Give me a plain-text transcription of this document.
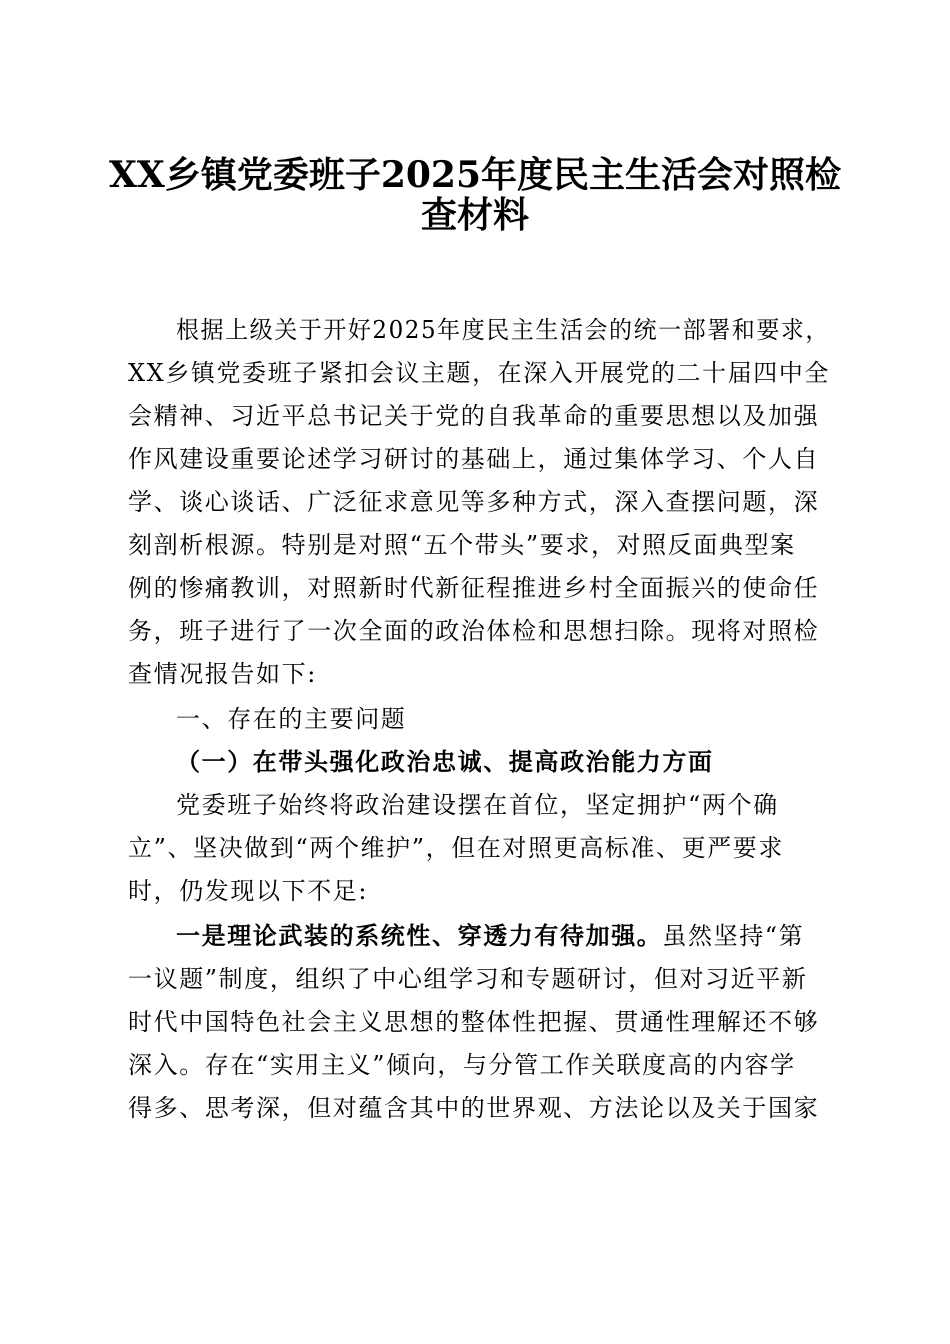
XX乡镇党委班子2025年度民主生活会对照检
查材料
根据上级关于开好2025年度民主生活会的统一部署和要求，
XX乡镇党委班子紧扣会议主题，在深入开展党的二十届四中全
会精神、习近平总书记关于党的自我革命的重要思想以及加强
作风建设重要论述学习研讨的基础上，通过集体学习、个人自
学、谈心谈话、广泛征求意见等多种方式，深入查摆问题，深
刻剖析根源。特别是对照“五个带头”要求，对照反面典型案
例的惨痛教训，对照新时代新征程推进乡村全面振兴的使命任
务，班子进行了一次全面的政治体检和思想扫除。现将对照检
查情况报告如下:
一、存在的主要问题
（一）在带头强化政治忠诚、提高政治能力方面
党委班子始终将政治建设摆在首位，坚定拥护“两个确
立”、坚决做到“两个维护”，但在对照更高标准、更严要求
时，仍发现以下不足:
一是理论武装的系统性、穿透力有待加强。虽然坚持“第
一议题”制度，组织了中心组学习和专题研讨，但对习近平新
时代中国特色社会主义思想的整体性把握、贯通性理解还不够
深入。存在“实用主义”倾向，与分管工作关联度高的内容学
得多、思考深，但对蕴含其中的世界观、方法论以及关于国家
